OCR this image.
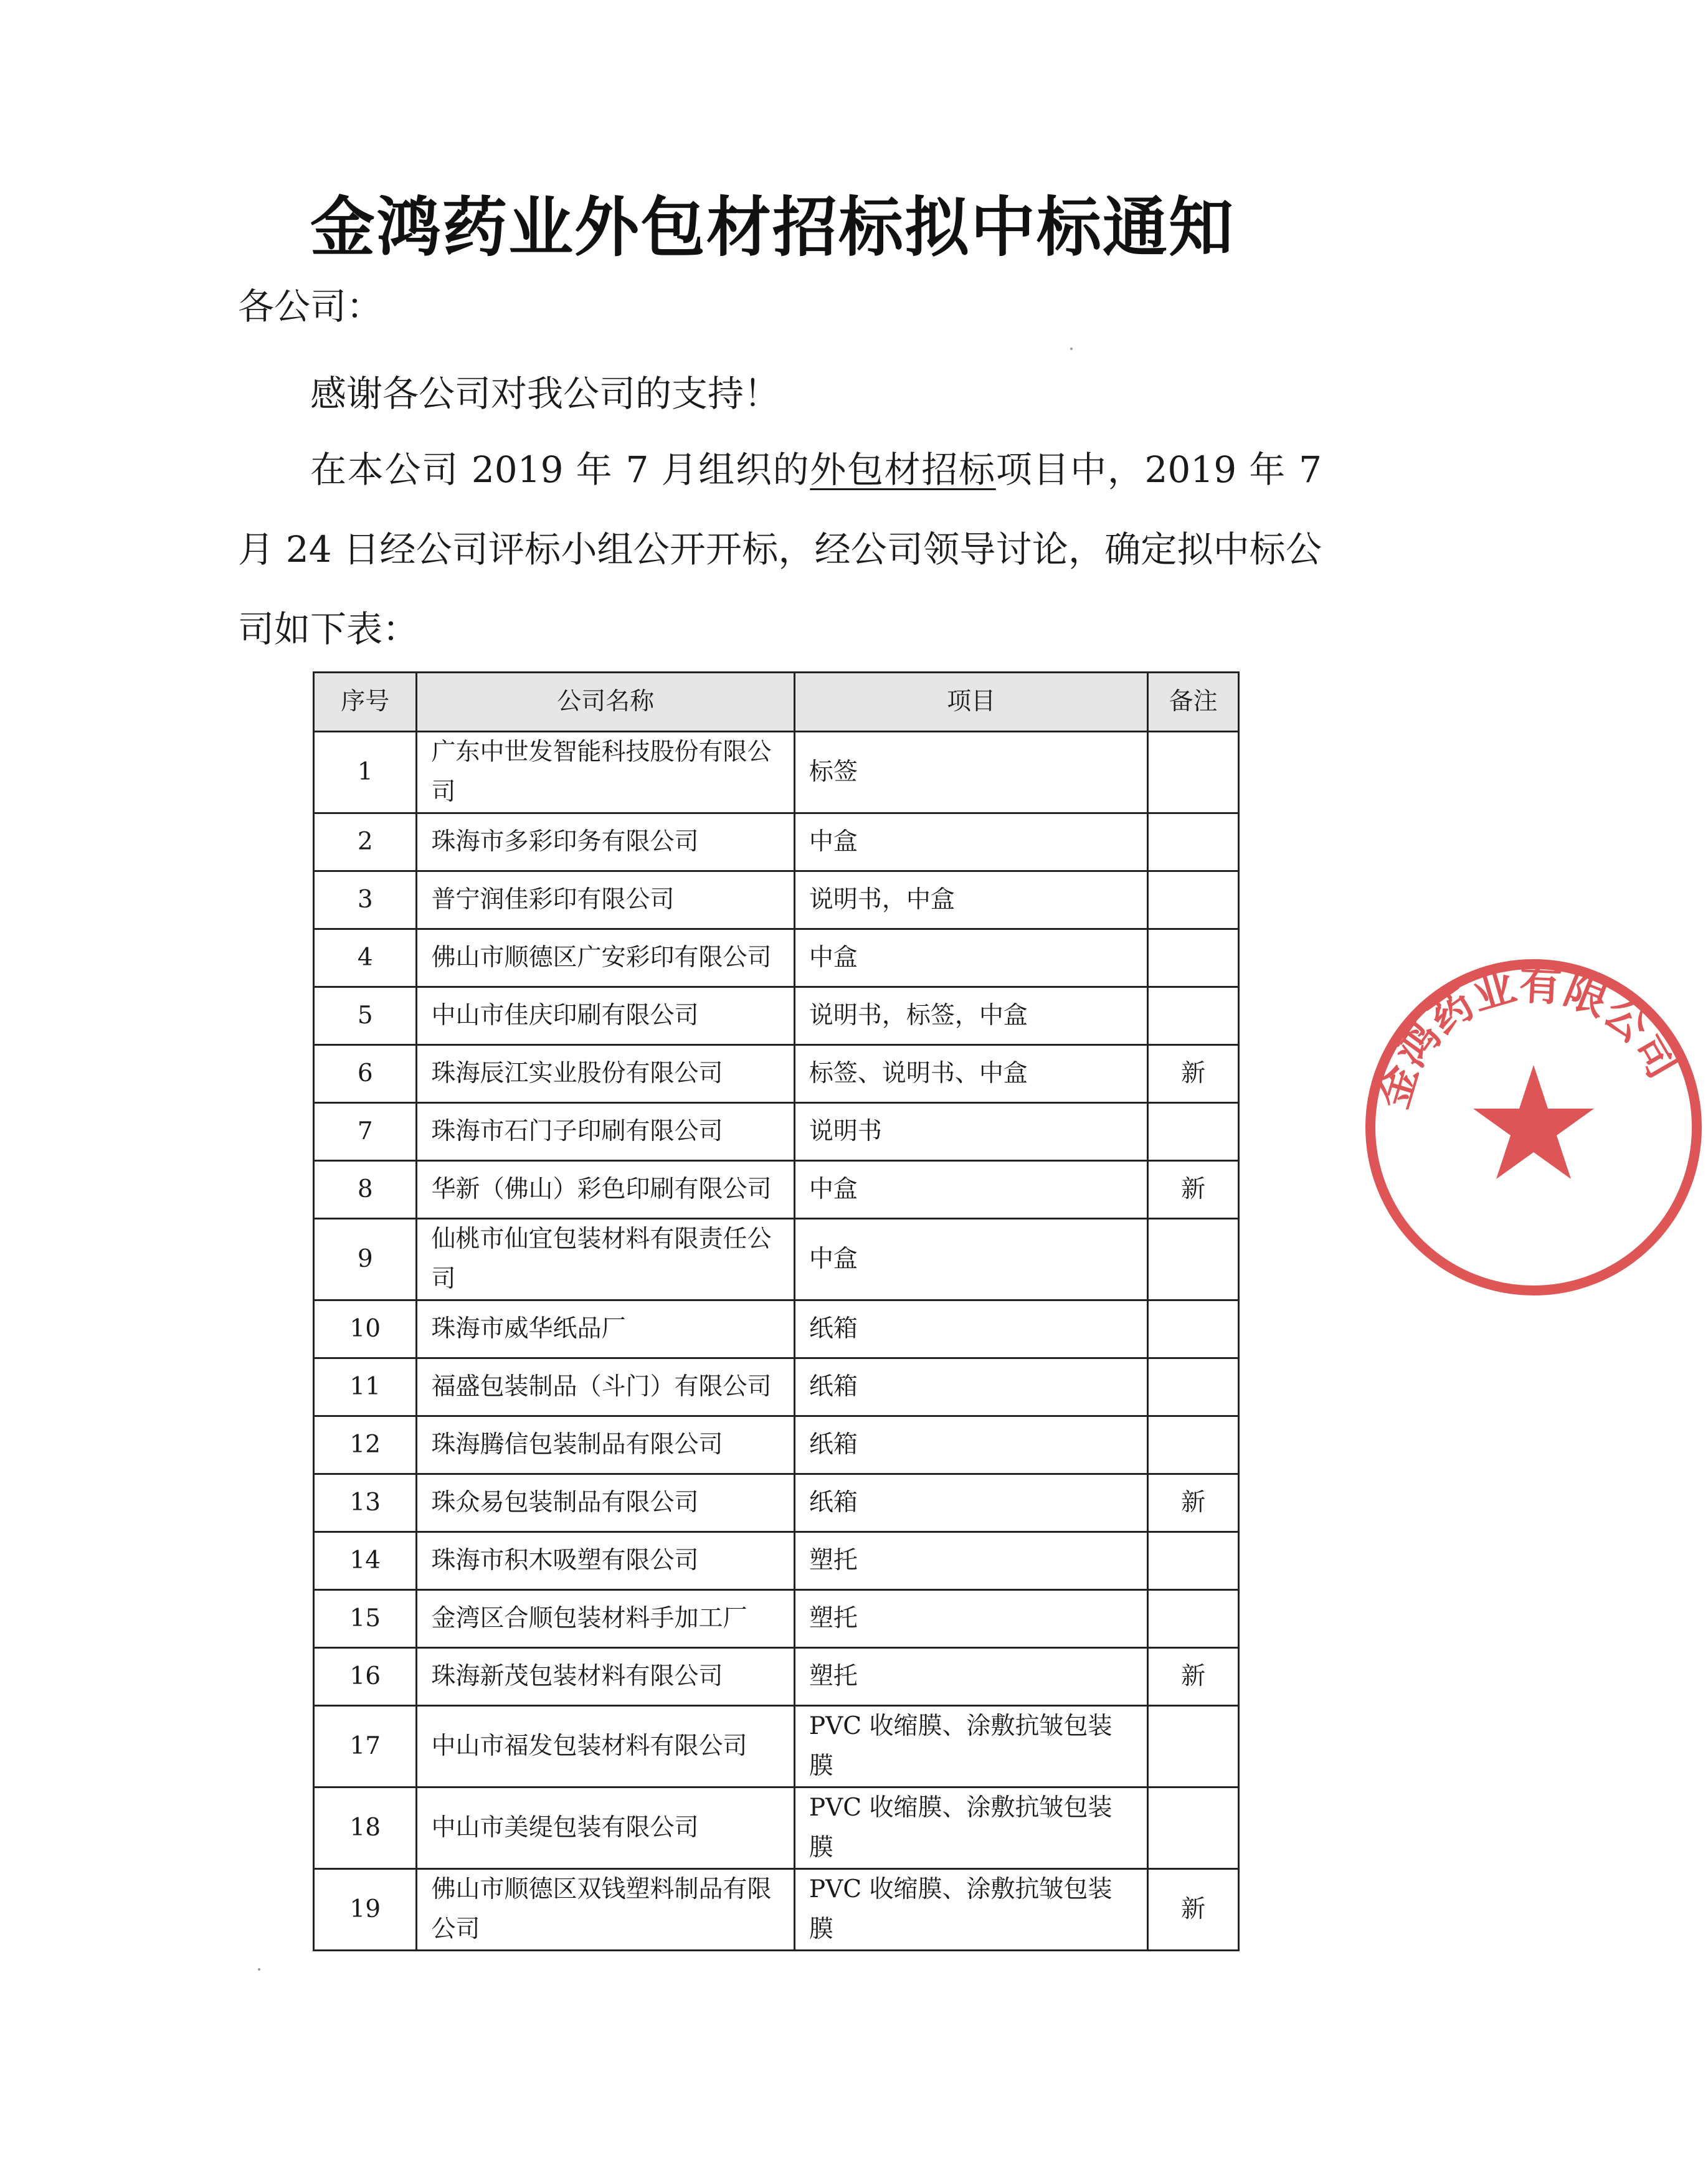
金鸿药业外包材招标拟中标通知
各公司：
感谢各公司对我公司的支持！
在本公司 2019 年 7 月组织的外包材招标项目中，2019 年 7 月 24 日经公司评标小组公开开标，经公司领导讨论，确定拟中标公司如下表：
序号	公司名称	项目	备注
1	广东中世发智能科技股份有限公司	标签	
2	珠海市多彩印务有限公司	中盒	
3	普宁润佳彩印有限公司	说明书，中盒	
4	佛山市顺德区广安彩印有限公司	中盒	
5	中山市佳庆印刷有限公司	说明书，标签，中盒	
6	珠海辰江实业股份有限公司	标签、说明书、中盒	新
7	珠海市石门子印刷有限公司	说明书	
8	华新（佛山）彩色印刷有限公司	中盒	新
9	仙桃市仙宜包装材料有限责任公司	中盒	
10	珠海市威华纸品厂	纸箱	
11	福盛包装制品（斗门）有限公司	纸箱	
12	珠海腾信包装制品有限公司	纸箱	
13	珠众易包装制品有限公司	纸箱	新
14	珠海市积木吸塑有限公司	塑托	
15	金湾区合顺包装材料手加工厂	塑托	
16	珠海新茂包装材料有限公司	塑托	新
17	中山市福发包装材料有限公司	PVC 收缩膜、涂敷抗皱包装膜	
18	中山市美缇包装有限公司	PVC 收缩膜、涂敷抗皱包装膜	
19	佛山市顺德区双钱塑料制品有限公司	PVC 收缩膜、涂敷抗皱包装膜	新
金鸿药业有限公司
